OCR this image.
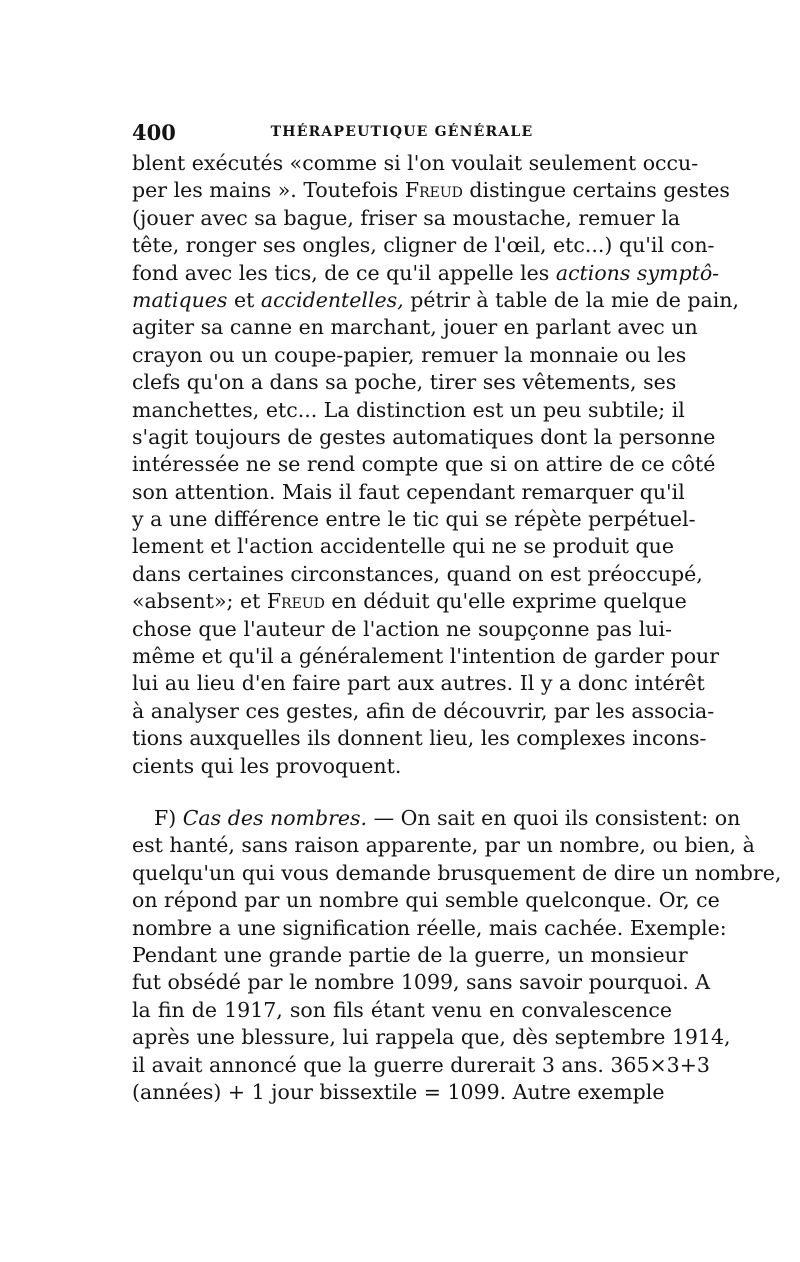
400	THÉRAPEUTIQUE GÉNÉRALE
blent exécutés «comme si l'on voulait seulement occu-
per les mains ». Toutefois Freud distingue certains gestes
(jouer avec sa bague, friser sa moustache, remuer la
tête, ronger ses ongles, cligner de l'œil, etc...) qu'il con-
fond avec les tics, de ce qu'il appelle les actions symptô-
matiques et accidentelles, pétrir à table de la mie de pain,
agiter sa canne en marchant, jouer en parlant avec un
crayon ou un coupe-papier, remuer la monnaie ou les
clefs qu'on a dans sa poche, tirer ses vêtements, ses
manchettes, etc... La distinction est un peu subtile; il
s'agit toujours de gestes automatiques dont la personne
intéressée ne se rend compte que si on attire de ce côté
son attention. Mais il faut cependant remarquer qu'il
y a une différence entre le tic qui se répète perpétuel-
lement et l'action accidentelle qui ne se produit que
dans certaines circonstances, quand on est préoccupé,
«absent»; et Freud en déduit qu'elle exprime quelque
chose que l'auteur de l'action ne soupçonne pas lui-
même et qu'il a généralement l'intention de garder pour
lui au lieu d'en faire part aux autres. Il y a donc intérêt
à analyser ces gestes, afin de découvrir, par les associa-
tions auxquelles ils donnent lieu, les complexes incons-
cients qui les provoquent.
F) Cas des nombres. — On sait en quoi ils consistent: on
est hanté, sans raison apparente, par un nombre, ou bien, à
quelqu'un qui vous demande brusquement de dire un nombre,
on répond par un nombre qui semble quelconque. Or, ce
nombre a une signification réelle, mais cachée. Exemple:
Pendant une grande partie de la guerre, un monsieur
fut obsédé par le nombre 1099, sans savoir pourquoi. A
la fin de 1917, son fils étant venu en convalescence
après une blessure, lui rappela que, dès septembre 1914,
il avait annoncé que la guerre durerait 3 ans. 365×3+3
(années) + 1 jour bissextile = 1099. Autre exemple
